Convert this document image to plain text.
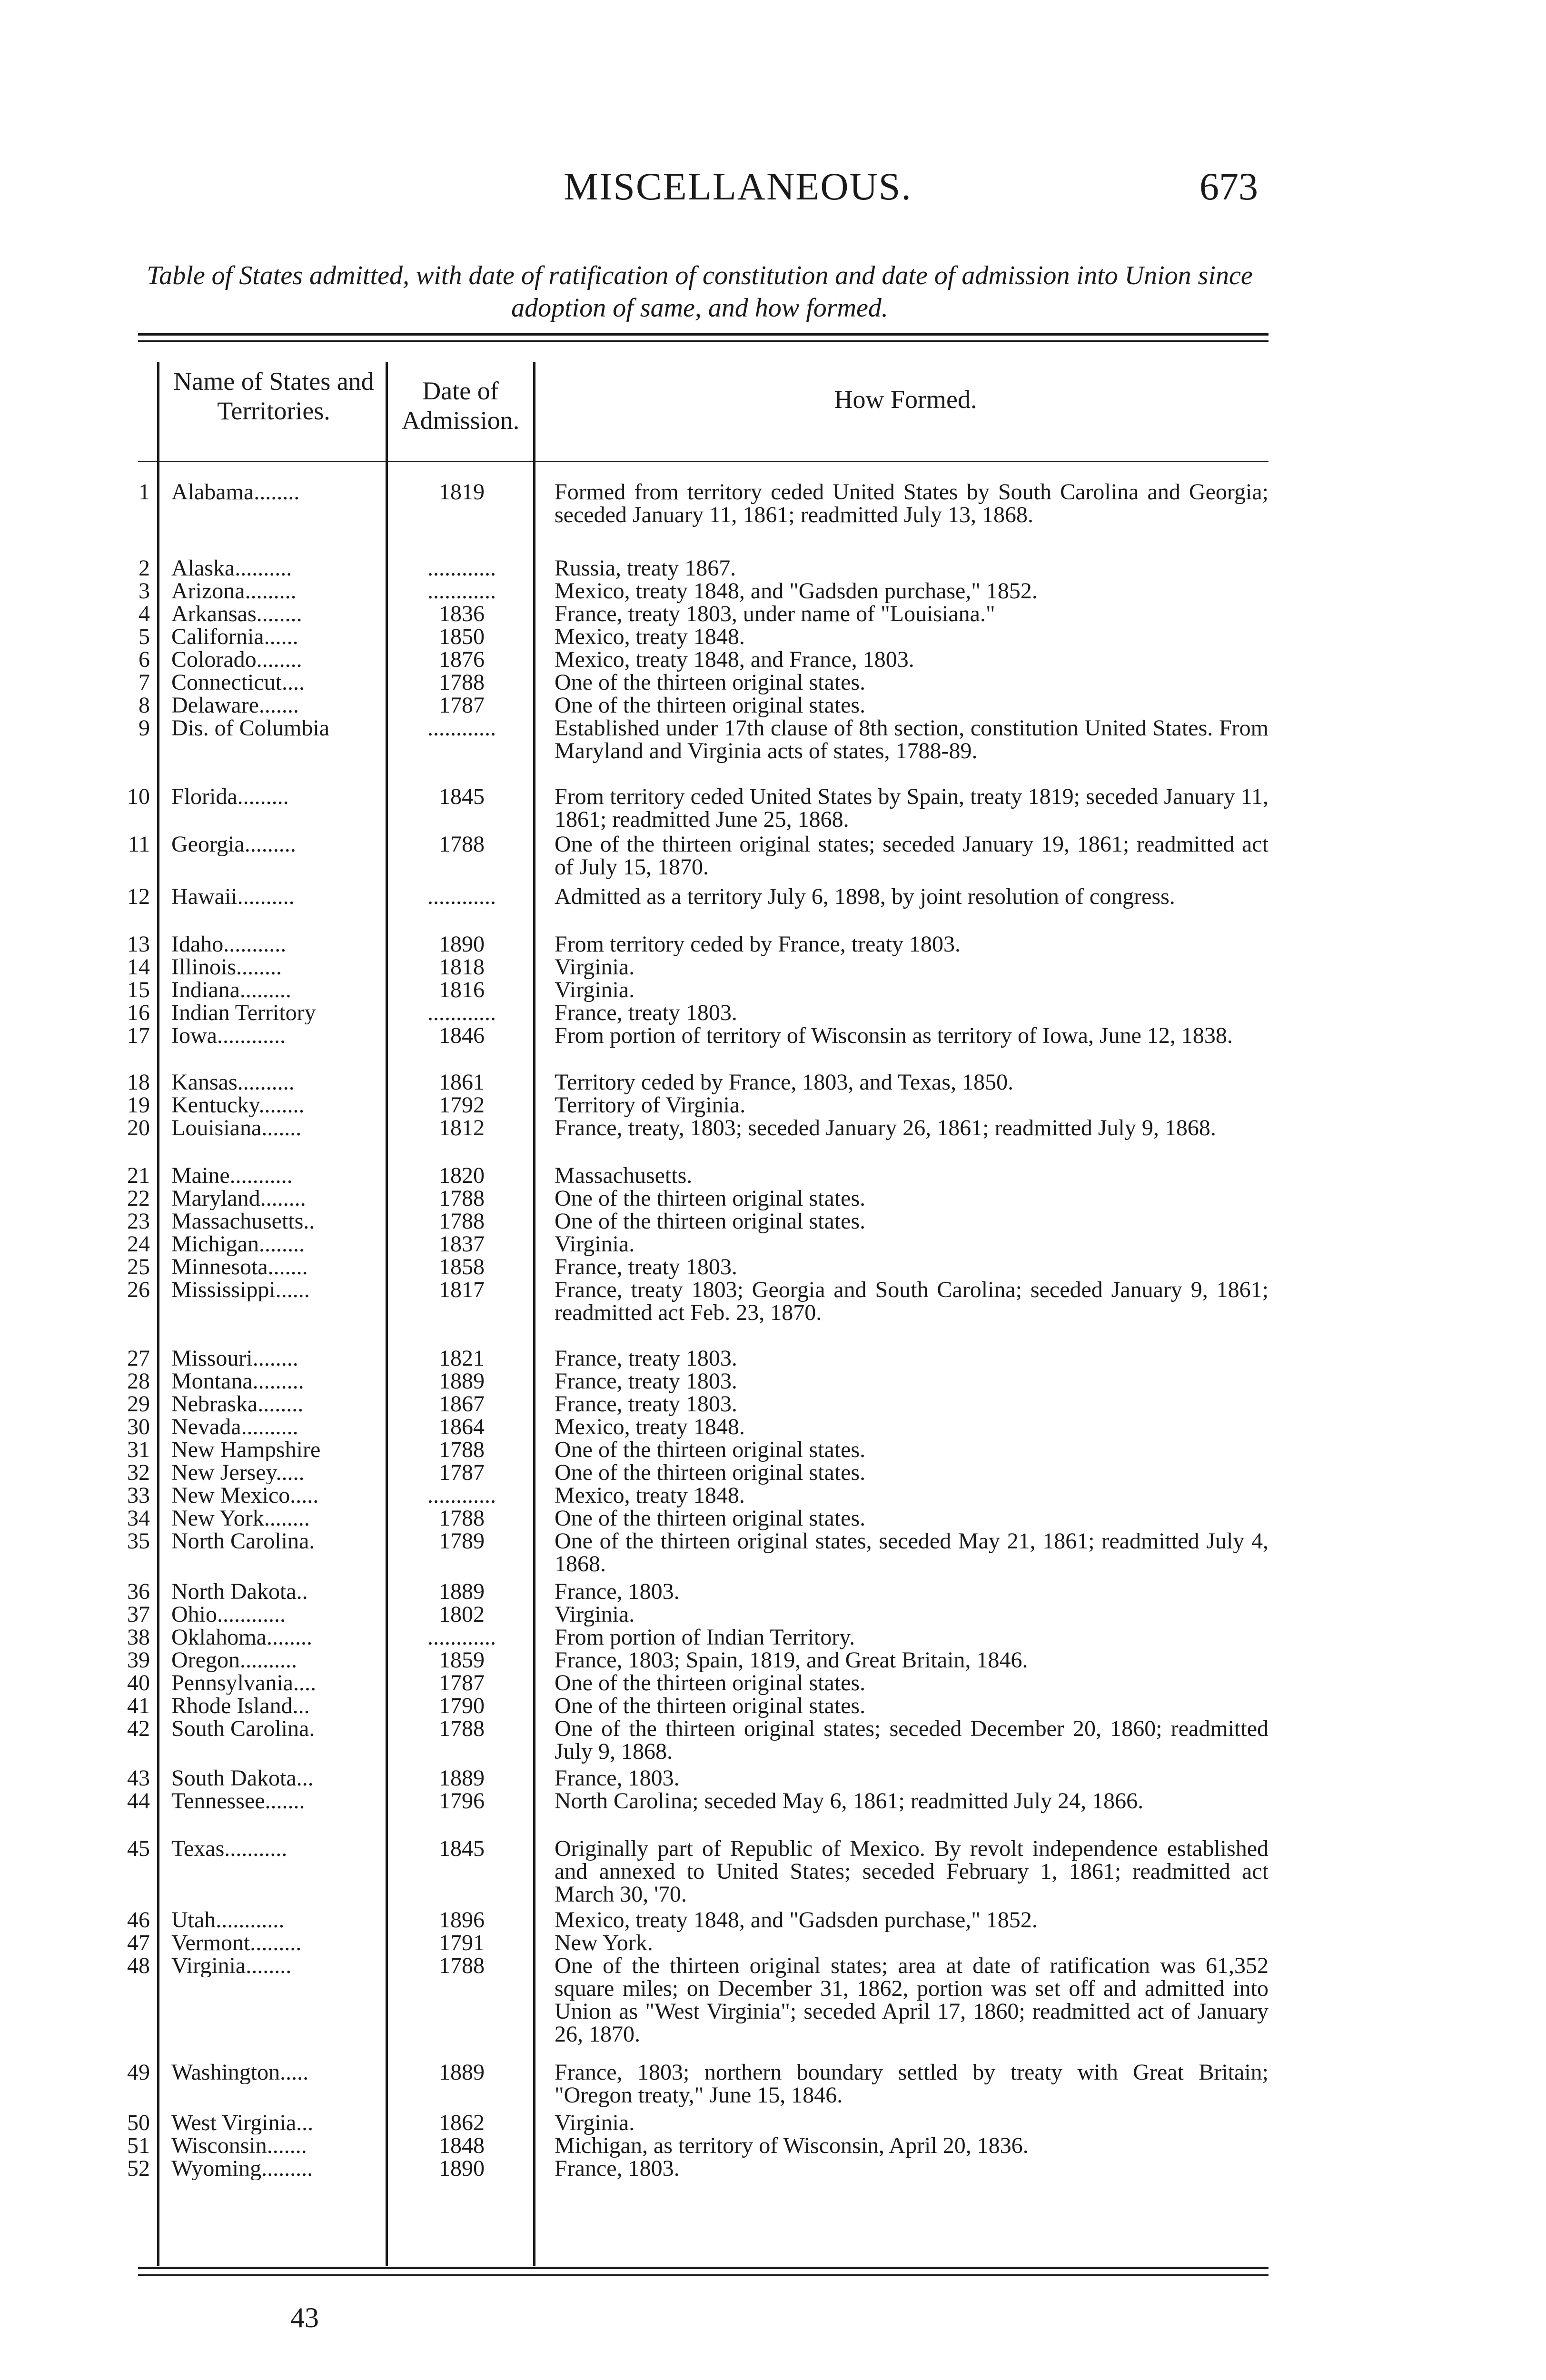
MISCELLANEOUS.	673
Table of States admitted, with date of ratification of constitution and date of admission into Union since adoption of same, and how formed.
Name of States and Territories.
Date of Admission.
How Formed.
1 Alabama........	1819	Formed from territory ceded United States by South Carolina and Georgia; seceded January 11, 1861; readmitted July 13, 1868.
2 Alaska..........	............	Russia, treaty 1867.
3 Arizona.........	............	Mexico, treaty 1848, and "Gadsden purchase," 1852.
4 Arkansas........	1836	France, treaty 1803, under name of "Louisiana."
5 California......	1850	Mexico, treaty 1848.
6 Colorado........	1876	Mexico, treaty 1848, and France, 1803.
7 Connecticut....	1788	One of the thirteen original states.
8 Delaware.......	1787	One of the thirteen original states.
9 Dis. of Columbia	............	Established under 17th clause of 8th section, constitution United States. From Maryland and Virginia acts of states, 1788-89.
10 Florida.........	1845	From territory ceded United States by Spain, treaty 1819; seceded January 11, 1861; readmitted June 25, 1868.
11 Georgia.........	1788	One of the thirteen original states; seceded January 19, 1861; readmitted act of July 15, 1870.
12 Hawaii..........	............	Admitted as a territory July 6, 1898, by joint resolution of congress.
13 Idaho...........	1890	From territory ceded by France, treaty 1803.
14 Illinois........	1818	Virginia.
15 Indiana.........	1816	Virginia.
16 Indian Territory	............	France, treaty 1803.
17 Iowa............	1846	From portion of territory of Wisconsin as territory of Iowa, June 12, 1838.
18 Kansas..........	1861	Territory ceded by France, 1803, and Texas, 1850.
19 Kentucky........	1792	Territory of Virginia.
20 Louisiana.......	1812	France, treaty, 1803; seceded January 26, 1861; readmitted July 9, 1868.
21 Maine...........	1820	Massachusetts.
22 Maryland........	1788	One of the thirteen original states.
23 Massachusetts..	1788	One of the thirteen original states.
24 Michigan........	1837	Virginia.
25 Minnesota.......	1858	France, treaty 1803.
26 Mississippi......	1817	France, treaty 1803; Georgia and South Carolina; seceded January 9, 1861; readmitted act Feb. 23, 1870.
27 Missouri........	1821	France, treaty 1803.
28 Montana.........	1889	France, treaty 1803.
29 Nebraska........	1867	France, treaty 1803.
30 Nevada..........	1864	Mexico, treaty 1848.
31 New Hampshire	1788	One of the thirteen original states.
32 New Jersey.....	1787	One of the thirteen original states.
33 New Mexico.....	............	Mexico, treaty 1848.
34 New York........	1788	One of the thirteen original states.
35 North Carolina.	1789	One of the thirteen original states, seceded May 21, 1861; readmitted July 4, 1868.
36 North Dakota..	1889	France, 1803.
37 Ohio............	1802	Virginia.
38 Oklahoma........	............	From portion of Indian Territory.
39 Oregon..........	1859	France, 1803; Spain, 1819, and Great Britain, 1846.
40 Pennsylvania....	1787	One of the thirteen original states.
41 Rhode Island...	1790	One of the thirteen original states.
42 South Carolina.	1788	One of the thirteen original states; seceded December 20, 1860; readmitted July 9, 1868.
43 South Dakota...	1889	France, 1803.
44 Tennessee.......	1796	North Carolina; seceded May 6, 1861; readmitted July 24, 1866.
45 Texas...........	1845	Originally part of Republic of Mexico. By revolt independence established and annexed to United States; seceded February 1, 1861; readmitted act March 30, '70.
46 Utah............	1896	Mexico, treaty 1848, and "Gadsden purchase," 1852.
47 Vermont.........	1791	New York.
48 Virginia........	1788	One of the thirteen original states; area at date of ratification was 61,352 square miles; on December 31, 1862, portion was set off and admitted into Union as "West Virginia"; seceded April 17, 1860; readmitted act of January 26, 1870.
49 Washington.....	1889	France, 1803; northern boundary settled by treaty with Great Britain; "Oregon treaty," June 15, 1846.
50 West Virginia...	1862	Virginia.
51 Wisconsin.......	1848	Michigan, as territory of Wisconsin, April 20, 1836.
52 Wyoming.........	1890	France, 1803.
43
